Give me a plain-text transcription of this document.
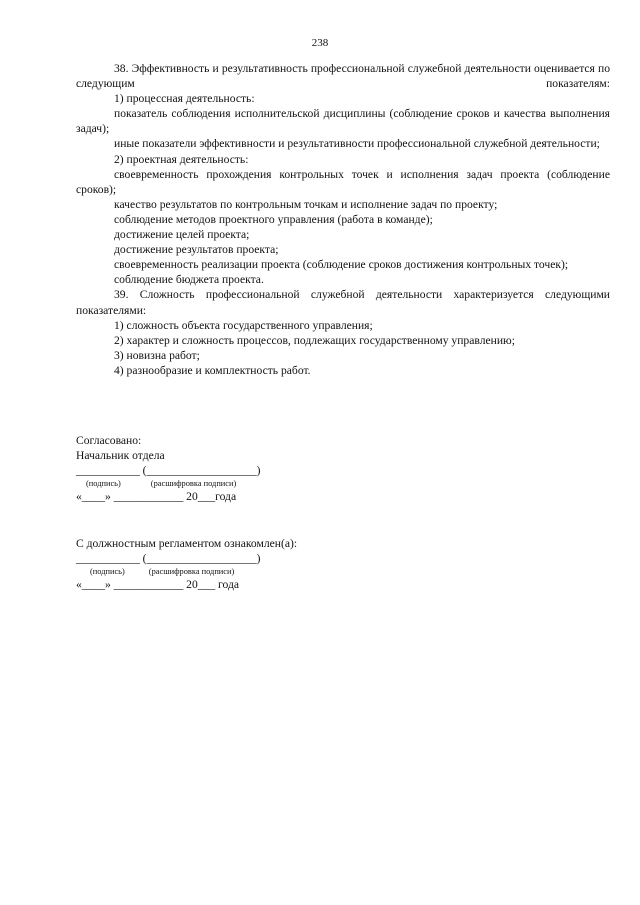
238

38. Эффективность и результативность профессиональной служебной деятельности оценивается по следующим показателям:

1) процессная деятельность:

показатель соблюдения исполнительской дисциплины (соблюдение сроков и качества выполнения задач);

иные показатели эффективности и результативности профессиональной служебной деятельности;

2) проектная деятельность:

своевременность прохождения контрольных точек и исполнения задач проекта (соблюдение сроков);

качество результатов по контрольным точкам и исполнение задач по проекту;

соблюдение методов проектного управления (работа в команде);

достижение целей проекта;

достижение результатов проекта;

своевременность реализации проекта (соблюдение сроков достижения контрольных точек);

соблюдение бюджета проекта.

39. Сложность профессиональной служебной деятельности характеризуется следующими показателями:

1) сложность объекта государственного управления;

2) характер и сложность процессов, подлежащих государственному управлению;

3) новизна работ;

4) разнообразие и комплектность работ.

Согласовано:
Начальник отдела
___________ (___________________)
(подпись)	(расшифровка подписи)
«____» ____________ 20___года
С должностным регламентом ознакомлен(а):
___________ (___________________)
(подпись)	(расшифровка подписи)
«____» ____________ 20___ года
